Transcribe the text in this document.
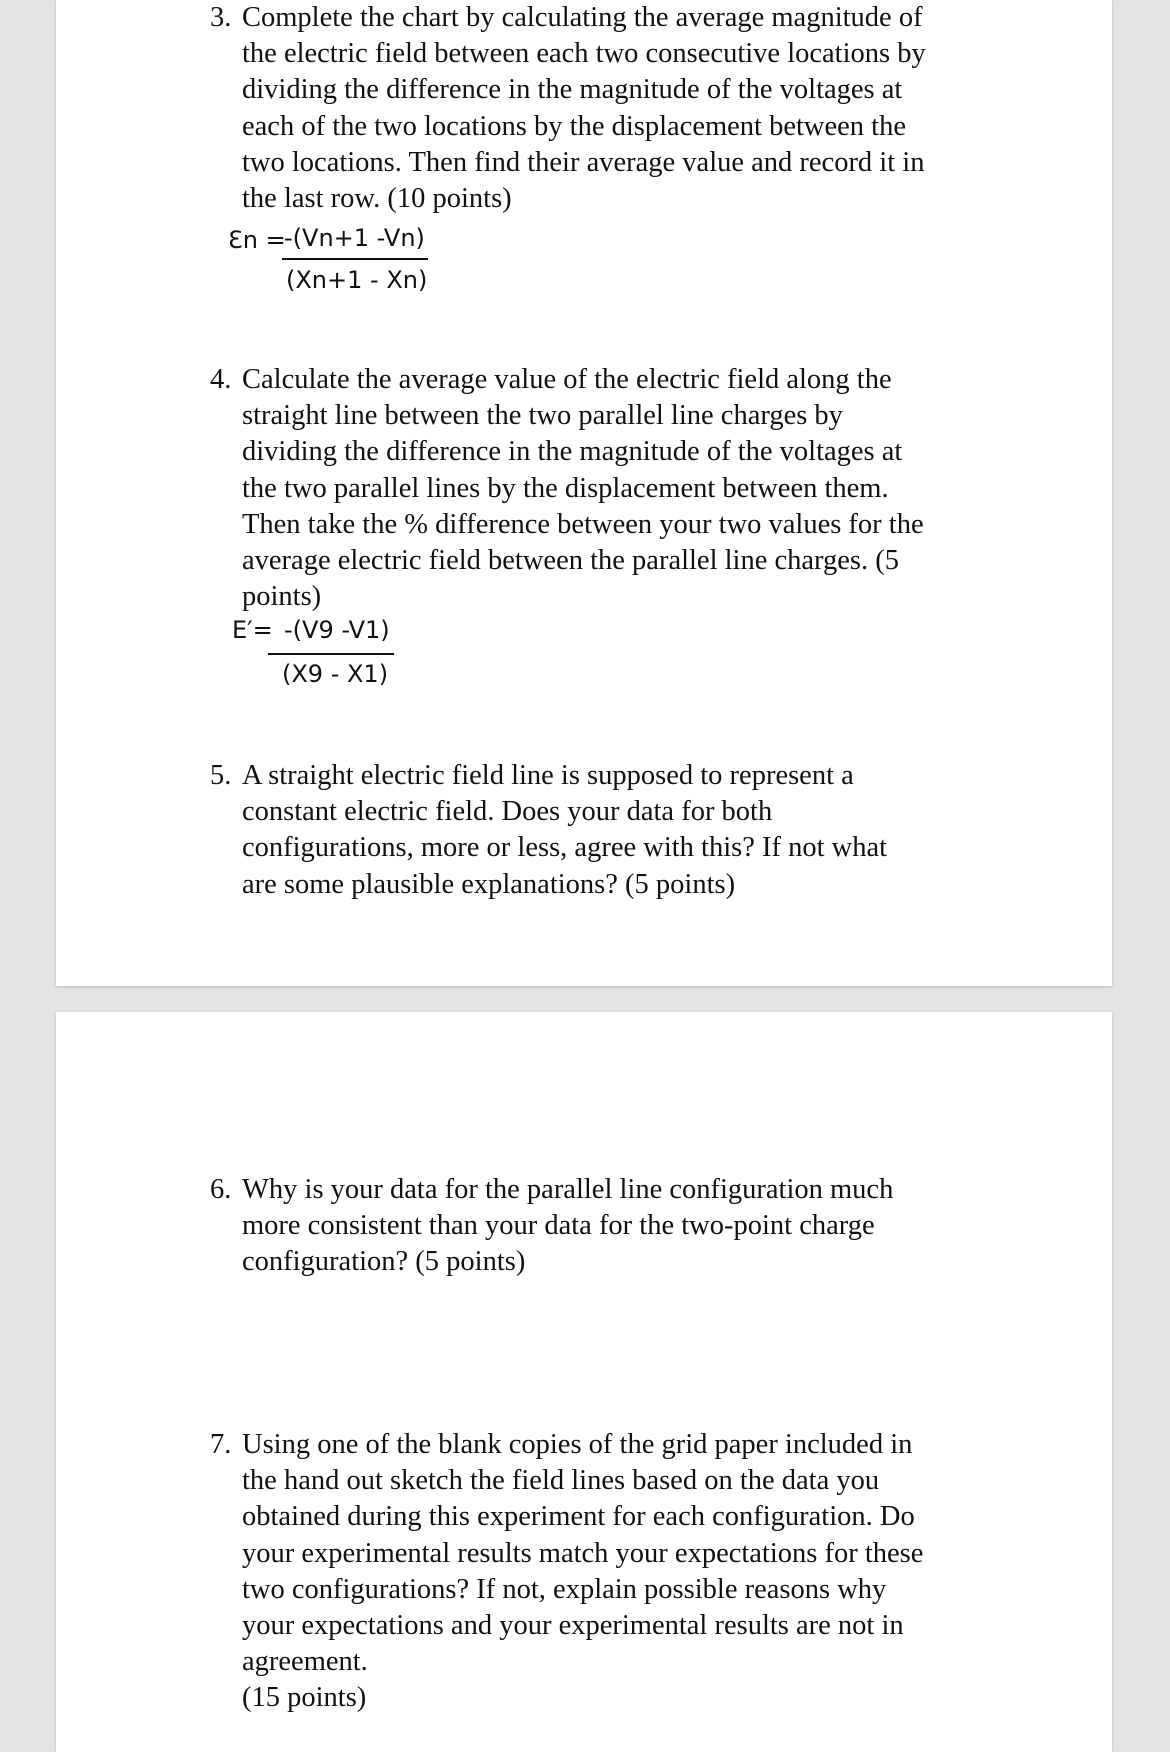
3. Complete the chart by calculating the average magnitude of
the electric field between each two consecutive locations by
dividing the difference in the magnitude of the voltages at
each of the two locations by the displacement between the
two locations. Then find their average value and record it in
the last row. (10 points)
Ɛn =
-(Vn+1 -Vn)
(Xn+1 - Xn)
4. Calculate the average value of the electric field along the
straight line between the two parallel line charges by
dividing the difference in the magnitude of the voltages at
the two parallel lines by the displacement between them.
Then take the % difference between your two values for the
average electric field between the parallel line charges. (5
points)
E′= -(V9 -V1)
(X9 - X1)
5. A straight electric field line is supposed to represent a
constant electric field. Does your data for both
configurations, more or less, agree with this? If not what
are some plausible explanations? (5 points)
6. Why is your data for the parallel line configuration much
more consistent than your data for the two-point charge
configuration? (5 points)
7. Using one of the blank copies of the grid paper included in
the hand out sketch the field lines based on the data you
obtained during this experiment for each configuration. Do
your experimental results match your expectations for these
two configurations? If not, explain possible reasons why
your expectations and your experimental results are not in
agreement.
(15 points)
